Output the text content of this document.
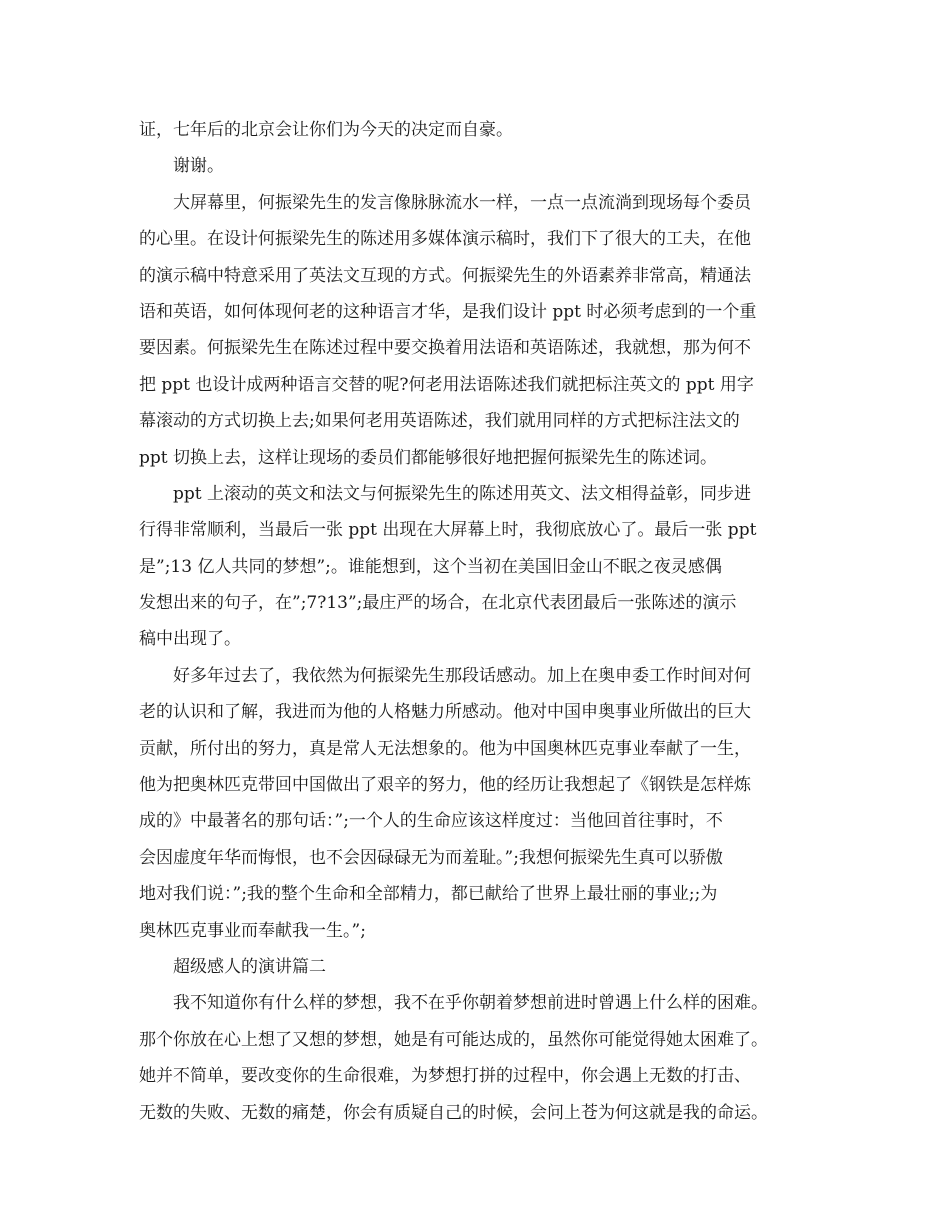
证，七年后的北京会让你们为今天的决定而自豪。
谢谢。
大屏幕里，何振梁先生的发言像脉脉流水一样，一点一点流淌到现场每个委员
的心里。在设计何振梁先生的陈述用多媒体演示稿时，我们下了很大的工夫，在他
的演示稿中特意采用了英法文互现的方式。何振梁先生的外语素养非常高，精通法
语和英语，如何体现何老的这种语言才华，是我们设计 ppt 时必须考虑到的一个重
要因素。何振梁先生在陈述过程中要交换着用法语和英语陈述，我就想，那为何不
把 ppt 也设计成两种语言交替的呢?何老用法语陈述我们就把标注英文的 ppt 用字
幕滚动的方式切换上去;如果何老用英语陈述，我们就用同样的方式把标注法文的
ppt 切换上去，这样让现场的委员们都能够很好地把握何振梁先生的陈述词。
ppt 上滚动的英文和法文与何振梁先生的陈述用英文、法文相得益彰，同步进
行得非常顺利，当最后一张 ppt 出现在大屏幕上时，我彻底放心了。最后一张 ppt
是”;13 亿人共同的梦想”;。谁能想到，这个当初在美国旧金山不眠之夜灵感偶
发想出来的句子，在”;7?13”;最庄严的场合，在北京代表团最后一张陈述的演示
稿中出现了。
好多年过去了，我依然为何振梁先生那段话感动。加上在奥申委工作时间对何
老的认识和了解，我进而为他的人格魅力所感动。他对中国申奥事业所做出的巨大
贡献，所付出的努力，真是常人无法想象的。他为中国奥林匹克事业奉献了一生，
他为把奥林匹克带回中国做出了艰辛的努力，他的经历让我想起了《钢铁是怎样炼
成的》中最著名的那句话：”;一个人的生命应该这样度过：当他回首往事时，不
会因虚度年华而悔恨，也不会因碌碌无为而羞耻。”;我想何振梁先生真可以骄傲
地对我们说：”;我的整个生命和全部精力，都已献给了世界上最壮丽的事业;;为
奥林匹克事业而奉献我一生。”;
超级感人的演讲篇二
我不知道你有什么样的梦想，我不在乎你朝着梦想前进时曾遇上什么样的困难。
那个你放在心上想了又想的梦想，她是有可能达成的，虽然你可能觉得她太困难了。
她并不简单，要改变你的生命很难，为梦想打拼的过程中，你会遇上无数的打击、
无数的失败、无数的痛楚，你会有质疑自己的时候，会问上苍为何这就是我的命运。
